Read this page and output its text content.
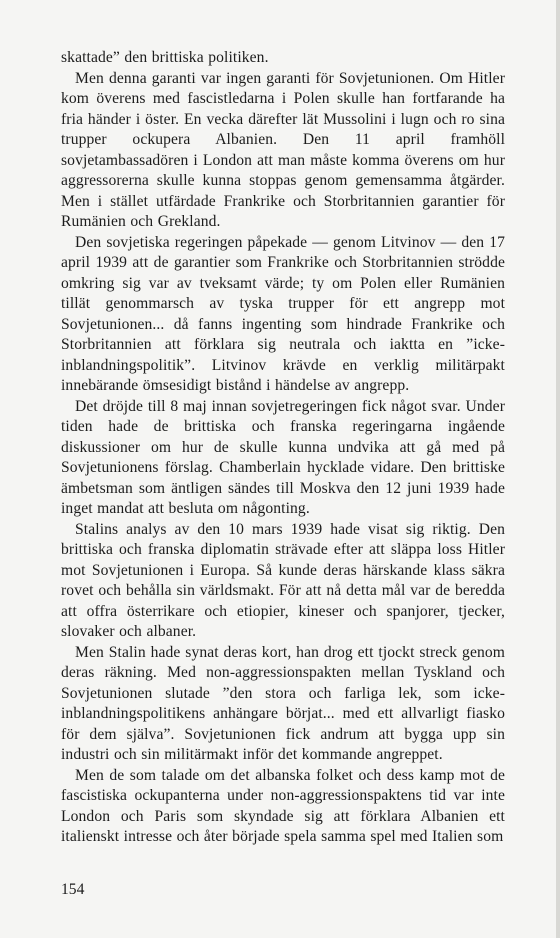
skattade” den brittiska politiken.

Men denna garanti var ingen garanti för Sovjetunionen. Om Hitler kom överens med fascistledarna i Polen skulle han fortfarande ha fria händer i öster. En vecka därefter lät Mussolini i lugn och ro sina trupper ockupera Albanien. Den 11 april framhöll sovjetambassadören i London att man måste komma överens om hur aggressorerna skulle kunna stoppas genom gemensamma åtgärder. Men i stället utfärdade Frankrike och Storbritannien garantier för Rumänien och Grekland.

Den sovjetiska regeringen påpekade — genom Litvinov — den 17 april 1939 att de garantier som Frankrike och Storbritannien strödde omkring sig var av tveksamt värde; ty om Polen eller Rumänien tillät genommarsch av tyska trupper för ett angrepp mot Sovjetunionen... då fanns ingenting som hindrade Frankrike och Storbritannien att förklara sig neutrala och iaktta en ”icke-inblandningspolitik”. Litvinov krävde en verklig militärpakt innebärande ömsesidigt bistånd i händelse av angrepp.

Det dröjde till 8 maj innan sovjetregeringen fick något svar. Under tiden hade de brittiska och franska regeringarna ingående diskussioner om hur de skulle kunna undvika att gå med på Sovjetunionens förslag. Chamberlain hycklade vidare. Den brittiske ämbetsman som äntligen sändes till Moskva den 12 juni 1939 hade inget mandat att besluta om någonting.

Stalins analys av den 10 mars 1939 hade visat sig riktig. Den brittiska och franska diplomatin strävade efter att släppa loss Hitler mot Sovjetunionen i Europa. Så kunde deras härskande klass säkra rovet och behålla sin världsmakt. För att nå detta mål var de beredda att offra österrikare och etiopier, kineser och spanjorer, tjecker, slovaker och albaner.

Men Stalin hade synat deras kort, han drog ett tjockt streck genom deras räkning. Med non-aggressionspakten mellan Tyskland och Sovjetunionen slutade ”den stora och farliga lek, som icke-inblandningspolitikens anhängare börjat... med ett allvarligt fiasko för dem själva”. Sovjetunionen fick andrum att bygga upp sin industri och sin militärmakt inför det kommande angreppet.

Men de som talade om det albanska folket och dess kamp mot de fascistiska ockupanterna under non-aggressionspaktens tid var inte London och Paris som skyndade sig att förklara Albanien ett italienskt intresse och åter började spela samma spel med Italien som

154
